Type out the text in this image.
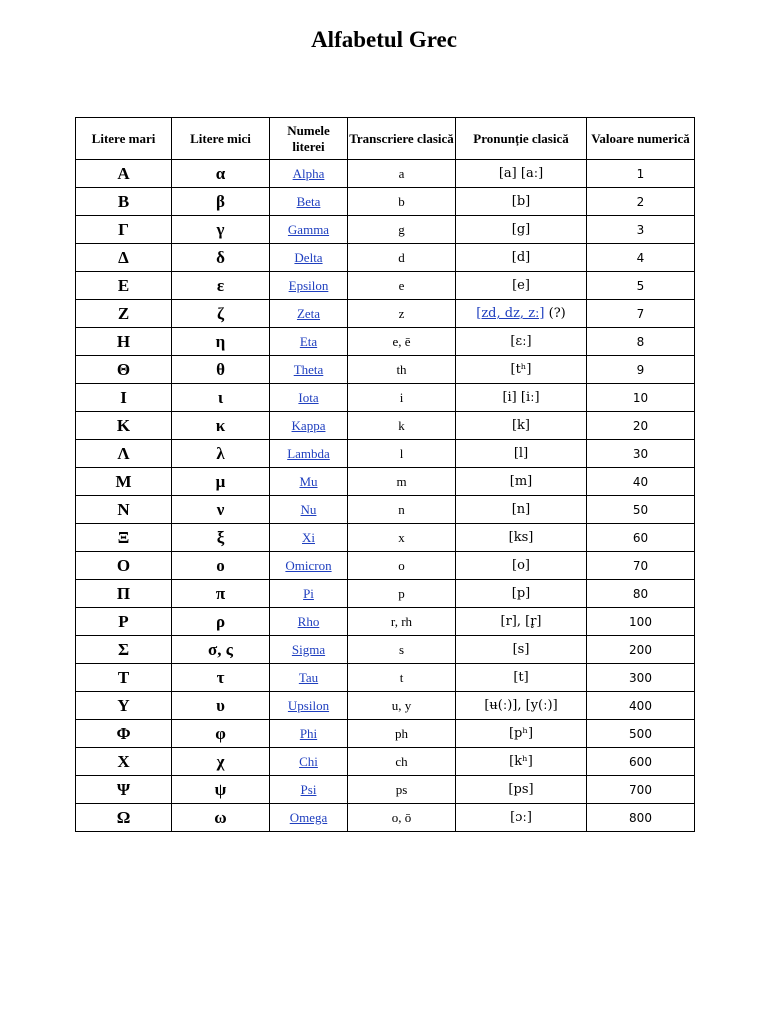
Alfabetul Grec
Litere mari	Litere mici	Numele literei	Transcriere clasică	Pronunție clasică	Valoare numerică
Α	α	Alpha	a	[a] [aː]	1
Β	β	Beta	b	[b]	2
Γ	γ	Gamma	g	[g]	3
Δ	δ	Delta	d	[d]	4
Ε	ε	Epsilon	e	[e]	5
Ζ	ζ	Zeta	z	[zd, dz, zː] (?)	7
Η	η	Eta	e, ē	[ɛː]	8
Θ	θ	Theta	th	[tʰ]	9
Ι	ι	Iota	i	[i] [iː]	10
Κ	κ	Kappa	k	[k]	20
Λ	λ	Lambda	l	[l]	30
Μ	μ	Mu	m	[m]	40
Ν	ν	Nu	n	[n]	50
Ξ	ξ	Xi	x	[ks]	60
Ο	ο	Omicron	o	[o]	70
Π	π	Pi	p	[p]	80
Ρ	ρ	Rho	r, rh	[r], [r̥]	100
Σ	σ, ς	Sigma	s	[s]	200
Τ	τ	Tau	t	[t]	300
Υ	υ	Upsilon	u, y	[ʉ(ː)], [y(ː)]	400
Φ	φ	Phi	ph	[pʰ]	500
Χ	χ	Chi	ch	[kʰ]	600
Ψ	ψ	Psi	ps	[ps]	700
Ω	ω	Omega	o, ō	[ɔː]	800
